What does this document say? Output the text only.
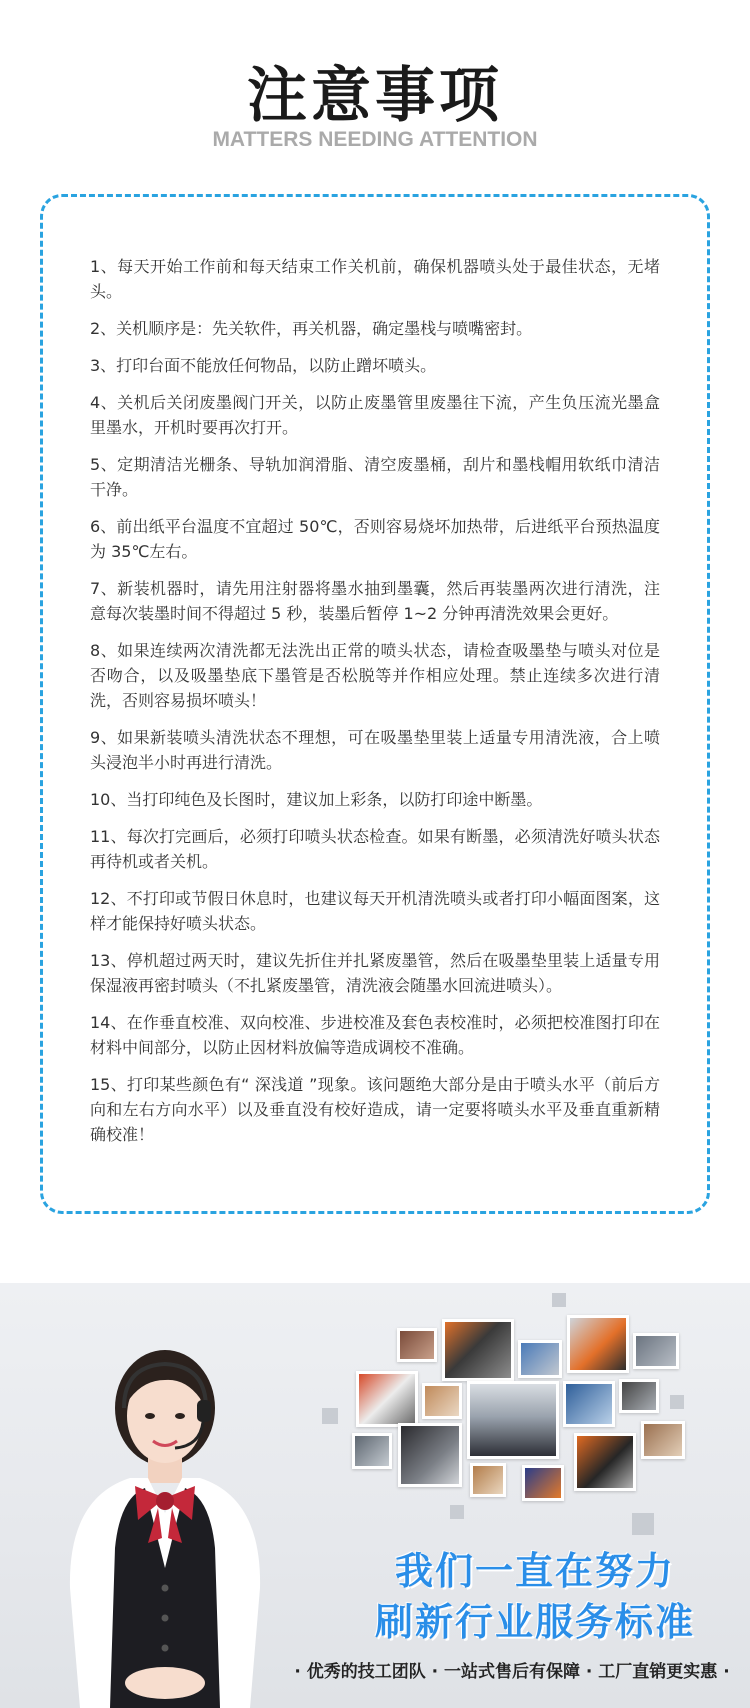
注意事项
MATTERS NEEDING ATTENTION
1、每天开始工作前和每天结束工作关机前，确保机器喷头处于最佳状态，无堵头。
2、关机顺序是：先关软件，再关机器，确定墨栈与喷嘴密封。
3、打印台面不能放任何物品，以防止蹭坏喷头。
4、关机后关闭废墨阀门开关，以防止废墨管里废墨往下流，产生负压流光墨盒里墨水，开机时要再次打开。
5、定期清洁光栅条、导轨加润滑脂、清空废墨桶，刮片和墨栈帽用软纸巾清洁干净。
6、前出纸平台温度不宜超过 50℃，否则容易烧坏加热带，后进纸平台预热温度为 35℃左右。
7、新装机器时，请先用注射器将墨水抽到墨囊，然后再装墨两次进行清洗，注意每次装墨时间不得超过 5 秒，装墨后暂停 1~2 分钟再清洗效果会更好。
8、如果连续两次清洗都无法洗出正常的喷头状态，请检查吸墨垫与喷头对位是否吻合，以及吸墨垫底下墨管是否松脱等并作相应处理。禁止连续多次进行清洗，否则容易损坏喷头！
9、如果新装喷头清洗状态不理想，可在吸墨垫里装上适量专用清洗液，合上喷头浸泡半小时再进行清洗。
10、当打印纯色及长图时，建议加上彩条，以防打印途中断墨。
11、每次打完画后，必须打印喷头状态检查。如果有断墨，必须清洗好喷头状态再待机或者关机。
12、不打印或节假日休息时，也建议每天开机清洗喷头或者打印小幅面图案，这样才能保持好喷头状态。
13、停机超过两天时，建议先折住并扎紧废墨管，然后在吸墨垫里装上适量专用保湿液再密封喷头（不扎紧废墨管，清洗液会随墨水回流进喷头）。
14、在作垂直校准、双向校准、步进校准及套色表校准时，必须把校准图打印在材料中间部分，以防止因材料放偏等造成调校不准确。
15、打印某些颜色有“ 深浅道 ”现象。该问题绝大部分是由于喷头水平（前后方向和左右方向水平）以及垂直没有校好造成，请一定要将喷头水平及垂直重新精确校准！
我们一直在努力
刷新行业服务标准
· 优秀的技工团队 · 一站式售后有保障 · 工厂直销更实惠 ·
